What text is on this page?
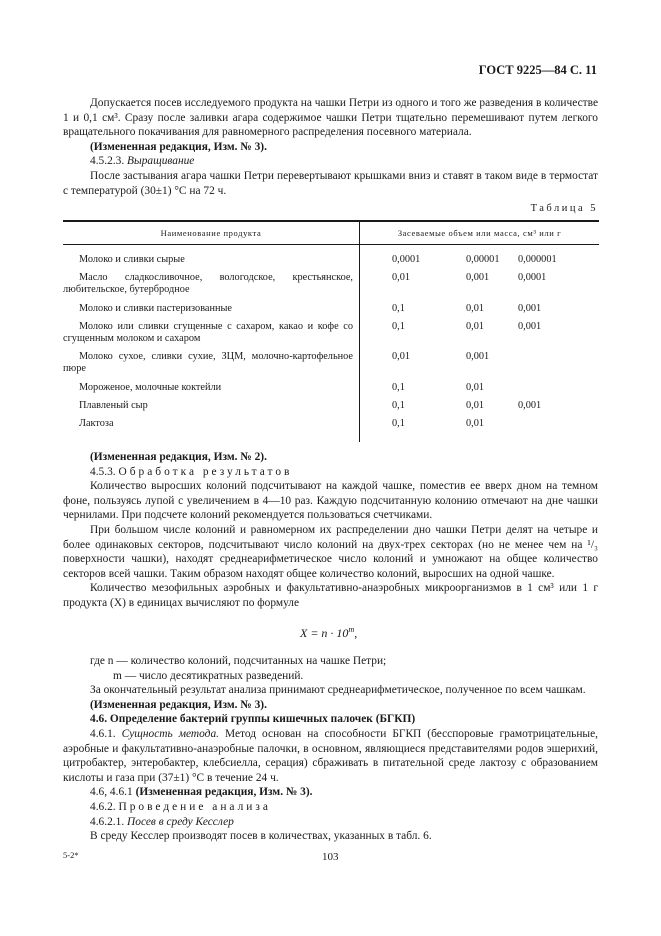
ГОСТ 9225—84 С. 11

Допускается посев исследуемого продукта на чашки Петри из одного и того же разведения в количестве 1 и 0,1 см³. Сразу после заливки агара содержимое чашки Петри тщательно перемешивают путем легкого вращательного покачивания для равномерного распределения посевного материала.

(Измененная редакция, Изм. № 3).

4.5.2.3. Выращивание

После застывания агара чашки Петри перевертывают крышками вниз и ставят в таком виде в термостат с температурой (30±1) °С на 72 ч.

Таблица 5
Наименование продукта	Засеваемые объем или масса, см³ или г		

Молоко и сливки сырые	0,0001	0,00001	0,000001

Масло сладкосливочное, вологодское, крестьянское, любительское, бутербродное	0,01	0,001	0,0001

Молоко и сливки пастеризованные	0,1	0,01	0,001

Молоко или сливки сгущенные с сахаром, какао и кофе со сгущенным молоком и сахаром	0,1	0,01	0,001

Молоко сухое, сливки сухие, ЗЦМ, молочно-картофельное пюре	0,01	0,001	

Мороженое, молочные коктейли	0,1	0,01	

Плавленый сыр	0,1	0,01	0,001

Лактоза	0,1	0,01	

(Измененная редакция, Изм. № 2).

4.5.3. Обработка результатов

Количество выросших колоний подсчитывают на каждой чашке, поместив ее вверх дном на темном фоне, пользуясь лупой с увеличением в 4—10 раз. Каждую подсчитанную колонию отмечают на дне чашки чернилами. При подсчете колоний рекомендуется пользоваться счетчиками.

При большом числе колоний и равномерном их распределении дно чашки Петри делят на четыре и более одинаковых секторов, подсчитывают число колоний на двух-трех секторах (но не менее чем на ¹/₃ поверхности чашки), находят среднеарифметическое число колоний и умножают на общее количество секторов всей чашки. Таким образом находят общее количество колоний, выросших на одной чашке.

Количество мезофильных аэробных и факультативно-анаэробных микроорганизмов в 1 см³ или 1 г продукта (X) в единицах вычисляют по формуле

$X = n \cdot 10^m$,

где n — количество колоний, подсчитанных на чашке Петри;

m — число десятикратных разведений.

За окончательный результат анализа принимают среднеарифметическое, полученное по всем чашкам.

(Измененная редакция, Изм. № 3).

4.6. Определение бактерий группы кишечных палочек (БГКП)

4.6.1. Сущность метода. Метод основан на способности БГКП (бесспоровые грамотрицательные, аэробные и факультативно-анаэробные палочки, в основном, являющиеся представителями родов эшерихий, цитробактер, энтеробактер, клебсиелла, серация) сбраживать в питательной среде лактозу с образованием кислоты и газа при (37±1) °С в течение 24 ч.

4.6, 4.6.1 (Измененная редакция, Изм. № 3).

4.6.2. Проведение анализа

4.6.2.1. Посев в среду Кесслер

В среду Кесслер производят посев в количествах, указанных в табл. 6.

5-2*	103
